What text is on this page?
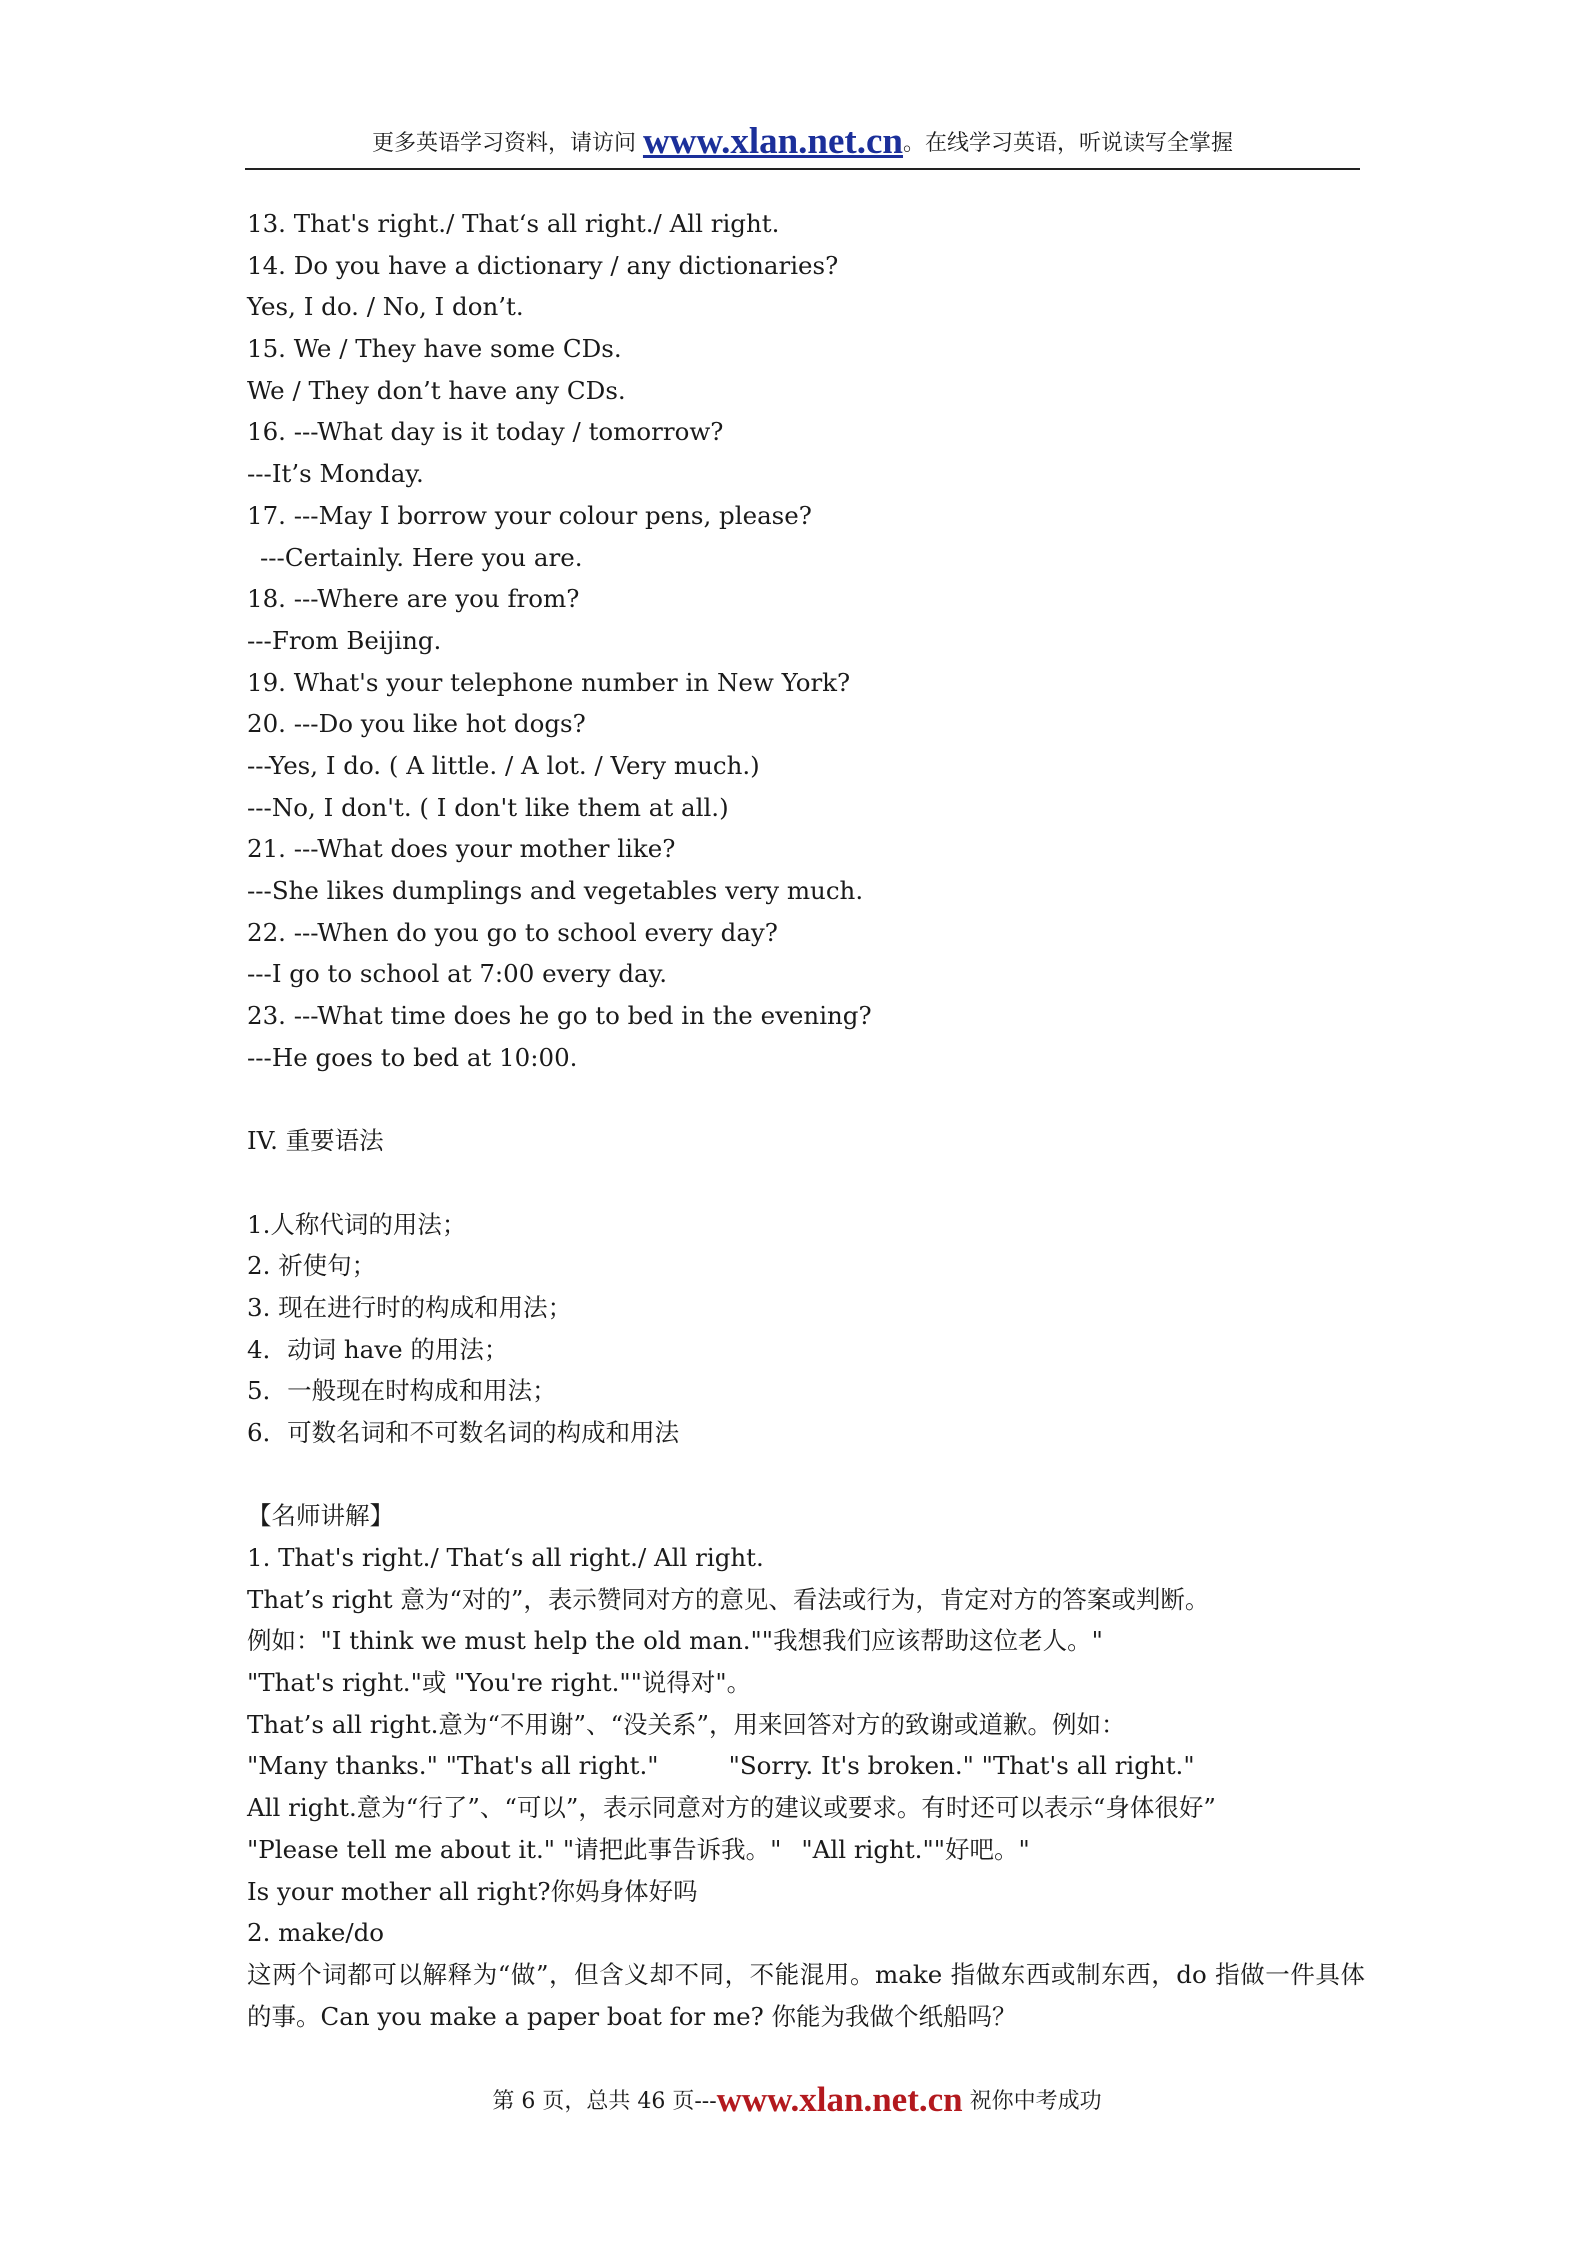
更多英语学习资料，请访问 www.xlan.net.cn。在线学习英语，听说读写全掌握
13. That's right./ That‘s all right./ All right.
14. Do you have a dictionary / any dictionaries?
Yes, I do. / No, I don’t.
15. We / They have some CDs.
We / They don’t have any CDs.
16. ---What day is it today / tomorrow?
---It’s Monday.
17. ---May I borrow your colour pens, please?
---Certainly. Here you are.
18. ---Where are you from?
---From Beijing.
19. What's your telephone number in New York?
20. ---Do you like hot dogs?
---Yes, I do. ( A little. / A lot. / Very much.)
---No, I don't. ( I don't like them at all.)
21. ---What does your mother like?
---She likes dumplings and vegetables very much.
22. ---When do you go to school every day?
---I go to school at 7:00 every day.
23. ---What time does he go to bed in the evening?
---He goes to bed at 10:00.
IV. 重要语法
1.人称代词的用法；
2. 祈使句；
3. 现在进行时的构成和用法；
4．动词 have 的用法；
5．一般现在时构成和用法；
6．可数名词和不可数名词的构成和用法
【名师讲解】
1. That's right./ That‘s all right./ All right.
That’s right 意为“对的”，表示赞同对方的意见、看法或行为，肯定对方的答案或判断。
例如："I think we must help the old man.""我想我们应该帮助这位老人。"
"That's right."或 "You're right.""说得对"。
That’s all right.意为“不用谢”、“没关系”，用来回答对方的致谢或道歉。例如：
"Many thanks." "That's all right."	"Sorry. It's broken." "That's all right."
All right.意为“行了”、“可以”，表示同意对方的建议或要求。有时还可以表示“身体很好”
"Please tell me about it." "请把此事告诉我。" "All right.""好吧。"
Is your mother all right?你妈身体好吗
2. make/do
这两个词都可以解释为“做”，但含义却不同，不能混用。make 指做东西或制东西，do 指做一件具体的事。Can you make a paper boat for me? 你能为我做个纸船吗？
第 6 页，总共 46 页---www.xlan.net.cn 祝你中考成功
